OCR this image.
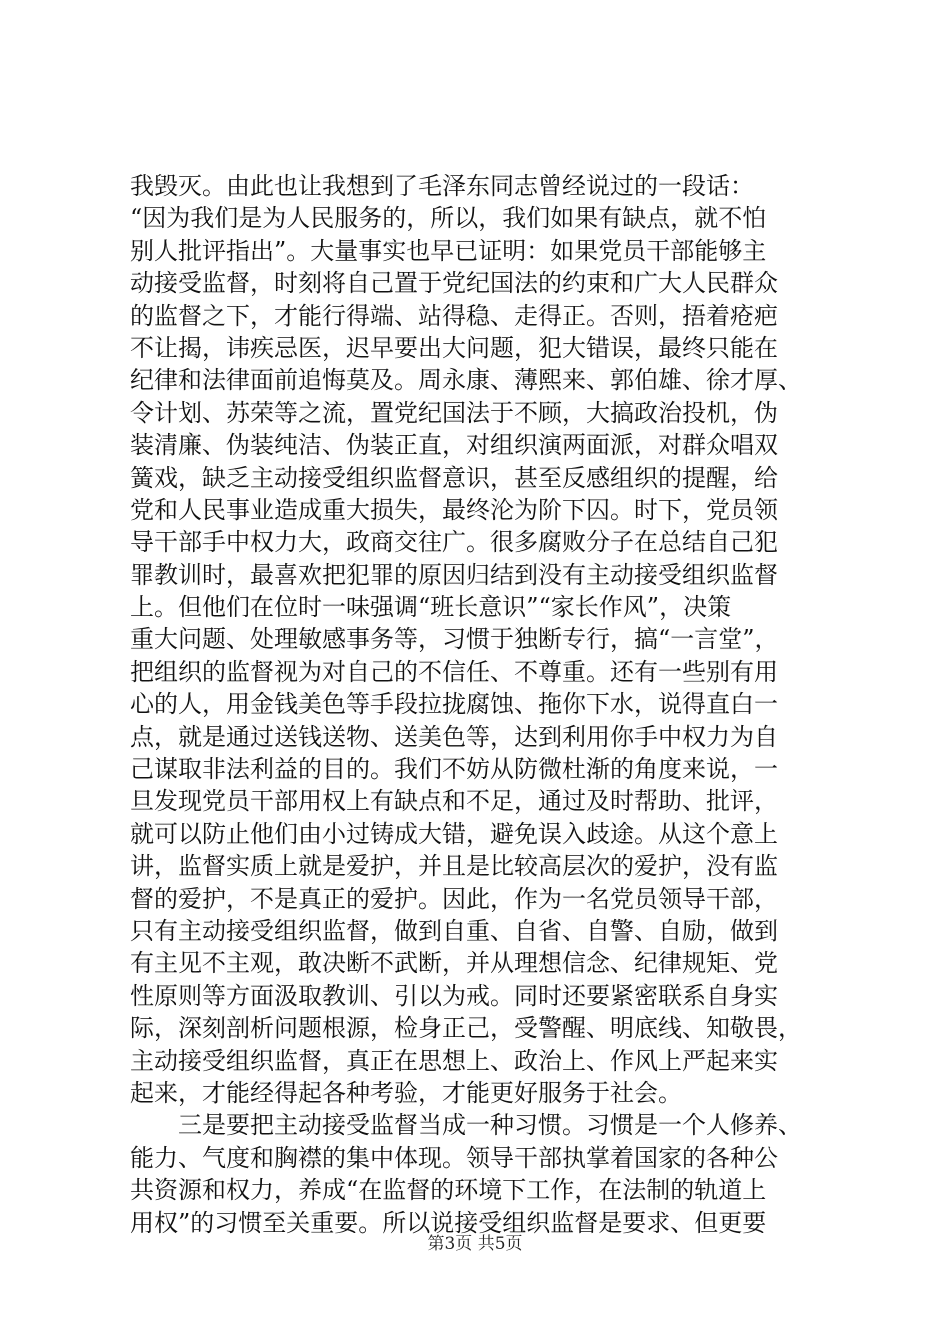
我毁灭。由此也让我想到了毛泽东同志曾经说过的一段话：
“因为我们是为人民服务的，所以，我们如果有缺点，就不怕
别人批评指出”。大量事实也早已证明：如果党员干部能够主
动接受监督，时刻将自己置于党纪国法的约束和广大人民群众
的监督之下，才能行得端、站得稳、走得正。否则，捂着疮疤
不让揭，讳疾忌医，迟早要出大问题，犯大错误，最终只能在
纪律和法律面前追悔莫及。周永康、薄熙来、郭伯雄、徐才厚、
令计划、苏荣等之流，置党纪国法于不顾，大搞政治投机，伪
装清廉、伪装纯洁、伪装正直，对组织演两面派，对群众唱双
簧戏，缺乏主动接受组织监督意识，甚至反感组织的提醒，给
党和人民事业造成重大损失，最终沦为阶下囚。时下，党员领
导干部手中权力大，政商交往广。很多腐败分子在总结自己犯
罪教训时，最喜欢把犯罪的原因归结到没有主动接受组织监督
上。但他们在位时一味强调“班长意识”“家长作风”，决策
重大问题、处理敏感事务等，习惯于独断专行，搞“一言堂”，
把组织的监督视为对自己的不信任、不尊重。还有一些别有用
心的人，用金钱美色等手段拉拢腐蚀、拖你下水，说得直白一
点，就是通过送钱送物、送美色等，达到利用你手中权力为自
己谋取非法利益的目的。我们不妨从防微杜渐的角度来说，一
旦发现党员干部用权上有缺点和不足，通过及时帮助、批评，
就可以防止他们由小过铸成大错，避免误入歧途。从这个意上
讲，监督实质上就是爱护，并且是比较高层次的爱护，没有监
督的爱护，不是真正的爱护。因此，作为一名党员领导干部，
只有主动接受组织监督，做到自重、自省、自警、自励，做到
有主见不主观，敢决断不武断，并从理想信念、纪律规矩、党
性原则等方面汲取教训、引以为戒。同时还要紧密联系自身实
际，深刻剖析问题根源，检身正己，受警醒、明底线、知敬畏，
主动接受组织监督，真正在思想上、政治上、作风上严起来实
起来，才能经得起各种考验，才能更好服务于社会。
三是要把主动接受监督当成一种习惯。习惯是一个人修养、
能力、气度和胸襟的集中体现。领导干部执掌着国家的各种公
共资源和权力，养成“在监督的环境下工作，在法制的轨道上
用权”的习惯至关重要。所以说接受组织监督是要求、但更要
第3页 共5页
